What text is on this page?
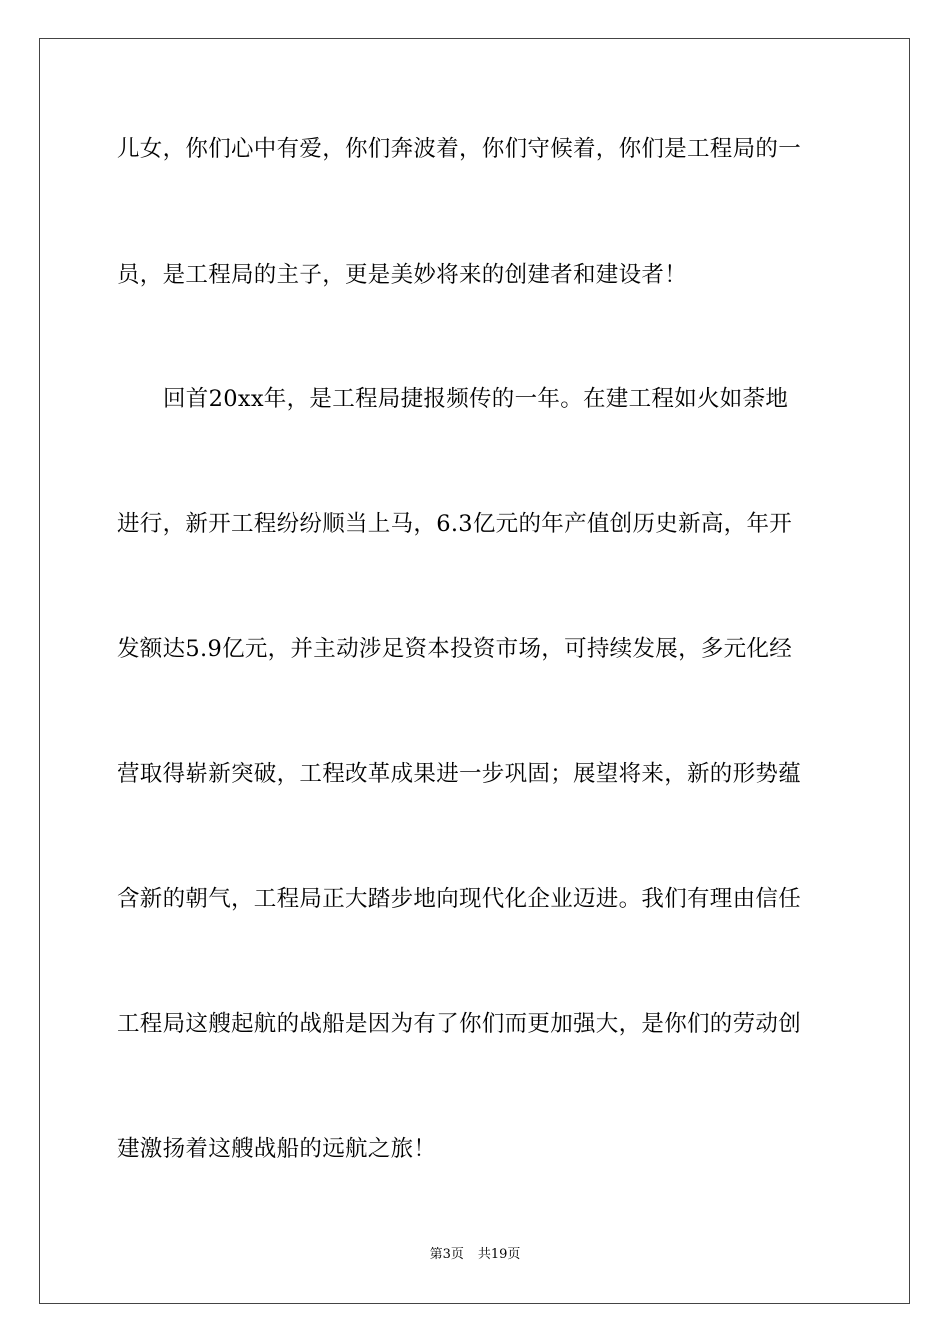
儿女，你们心中有爱，你们奔波着，你们守候着，你们是工程局的一
员，是工程局的主子，更是美妙将来的创建者和建设者！
回首20xx年，是工程局捷报频传的一年。在建工程如火如荼地
进行，新开工程纷纷顺当上马，6.3亿元的年产值创历史新高，年开
发额达5.9亿元，并主动涉足资本投资市场，可持续发展，多元化经
营取得崭新突破，工程改革成果进一步巩固；展望将来，新的形势蕴
含新的朝气，工程局正大踏步地向现代化企业迈进。我们有理由信任
工程局这艘起航的战船是因为有了你们而更加强大，是你们的劳动创
建激扬着这艘战船的远航之旅！
第3页 共19页
